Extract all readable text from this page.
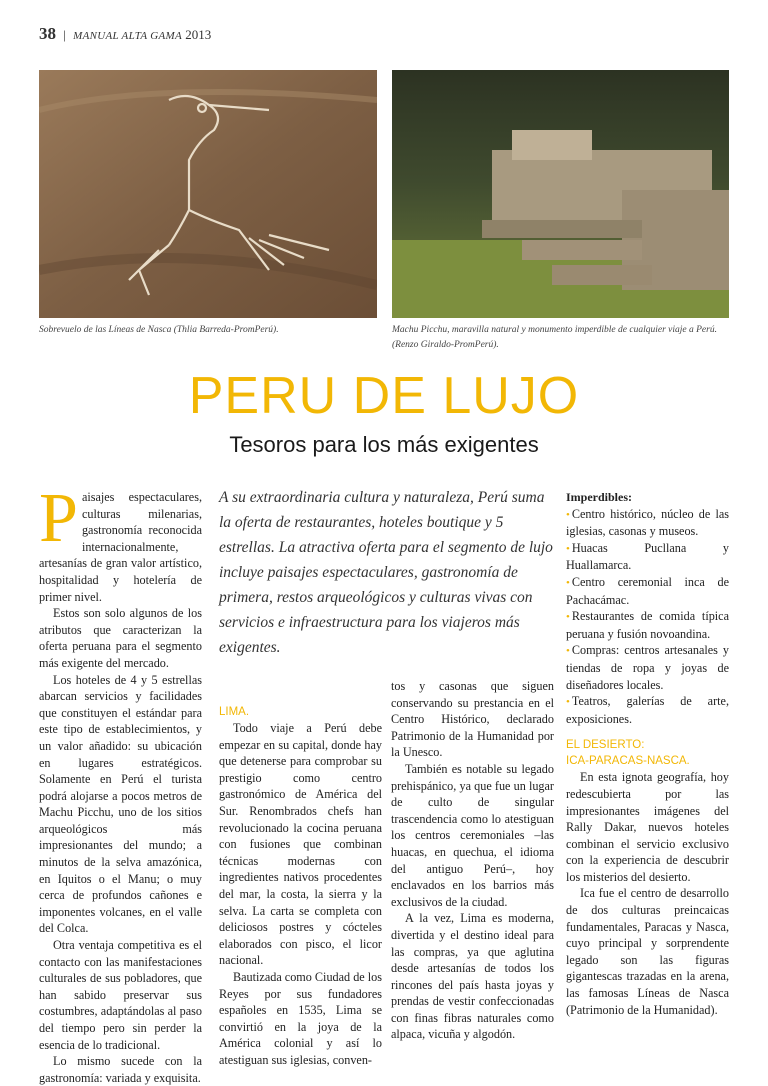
38 | MANUAL ALTA GAMA 2013
Sobrevuelo de las Líneas de Nasca (Thlia Barreda-PromPerú).	Machu Picchu, maravilla natural y monumento imperdible de cualquier viaje a Perú. (Renzo Giraldo-PromPerú).
PERU DE LUJO
Tesoros para los más exigentes

Paisajes espectaculares, culturas milenarias, gastronomía reconocida internacionalmente, artesanías de gran valor artístico, hospitalidad y hotelería de primer nivel.

Estos son solo algunos de los atributos que caracterizan la oferta peruana para el segmento más exigente del mercado.

Los hoteles de 4 y 5 estrellas abarcan servicios y facilidades que constituyen el estándar para este tipo de establecimientos, y un valor añadido: su ubicación en lugares estratégicos. Solamente en Perú el turista podrá alojarse a pocos metros de Machu Picchu, uno de los sitios arqueológicos más impresionantes del mundo; a minutos de la selva amazónica, en Iquitos o el Manu; o muy cerca de profundos cañones e imponentes volcanes, en el valle del Colca.

Otra ventaja competitiva es el contacto con las manifestaciones culturales de sus pobladores, que han sabido preservar sus costumbres, adaptándolas al paso del tiempo pero sin perder la esencia de lo tradicional.

Lo mismo sucede con la gastronomía: variada y exquisita.

A su extraordinaria cultura y naturaleza, Perú suma la oferta de restaurantes, hoteles boutique y 5 estrellas. La atractiva oferta para el segmento de lujo incluye paisajes espectaculares, gastronomía de primera, restos arqueológicos y culturas vivas con servicios e infraestructura para los viajeros más exigentes.
LIMA.

Todo viaje a Perú debe empezar en su capital, donde hay que detenerse para comprobar su prestigio como centro gastronómico de América del Sur. Renombrados chefs han revolucionado la cocina peruana con fusiones que combinan técnicas modernas con ingredientes nativos procedentes del mar, la costa, la sierra y la selva. La carta se completa con deliciosos postres y cócteles elaborados con pisco, el licor nacional.

Bautizada como Ciudad de los Reyes por sus fundadores españoles en 1535, Lima se convirtió en la joya de la América colonial y así lo atestiguan sus iglesias, conven-

tos y casonas que siguen conservando su prestancia en el Centro Histórico, declarado Patrimonio de la Humanidad por la Unesco.

También es notable su legado prehispánico, ya que fue un lugar de culto de singular trascendencia como lo atestiguan los centros ceremoniales –las huacas, en quechua, el idioma del antiguo Perú–, hoy enclavados en los barrios más exclusivos de la ciudad.

A la vez, Lima es moderna, divertida y el destino ideal para las compras, ya que aglutina desde artesanías de todos los rincones del país hasta joyas y prendas de vestir confeccionadas con finas fibras naturales como alpaca, vicuña y algodón.

Imperdibles:
• Centro histórico, núcleo de las iglesias, casonas y museos.
• Huacas Pucllana y Huallamarca.
• Centro ceremonial inca de Pachacámac.
• Restaurantes de comida típica peruana y fusión novoandina.
• Compras: centros artesanales y tiendas de ropa y joyas de diseñadores locales.
• Teatros, galerías de arte, exposiciones.
EL DESIERTO:
ICA-PARACAS-NASCA.

En esta ignota geografía, hoy redescubierta por las impresionantes imágenes del Rally Dakar, nuevos hoteles combinan el servicio exclusivo con la experiencia de descubrir los misterios del desierto.

Ica fue el centro de desarrollo de dos culturas preincaicas fundamentales, Paracas y Nasca, cuyo principal y sorprendente legado son las figuras gigantescas trazadas en la arena, las famosas Líneas de Nasca (Patrimonio de la Humanidad).
